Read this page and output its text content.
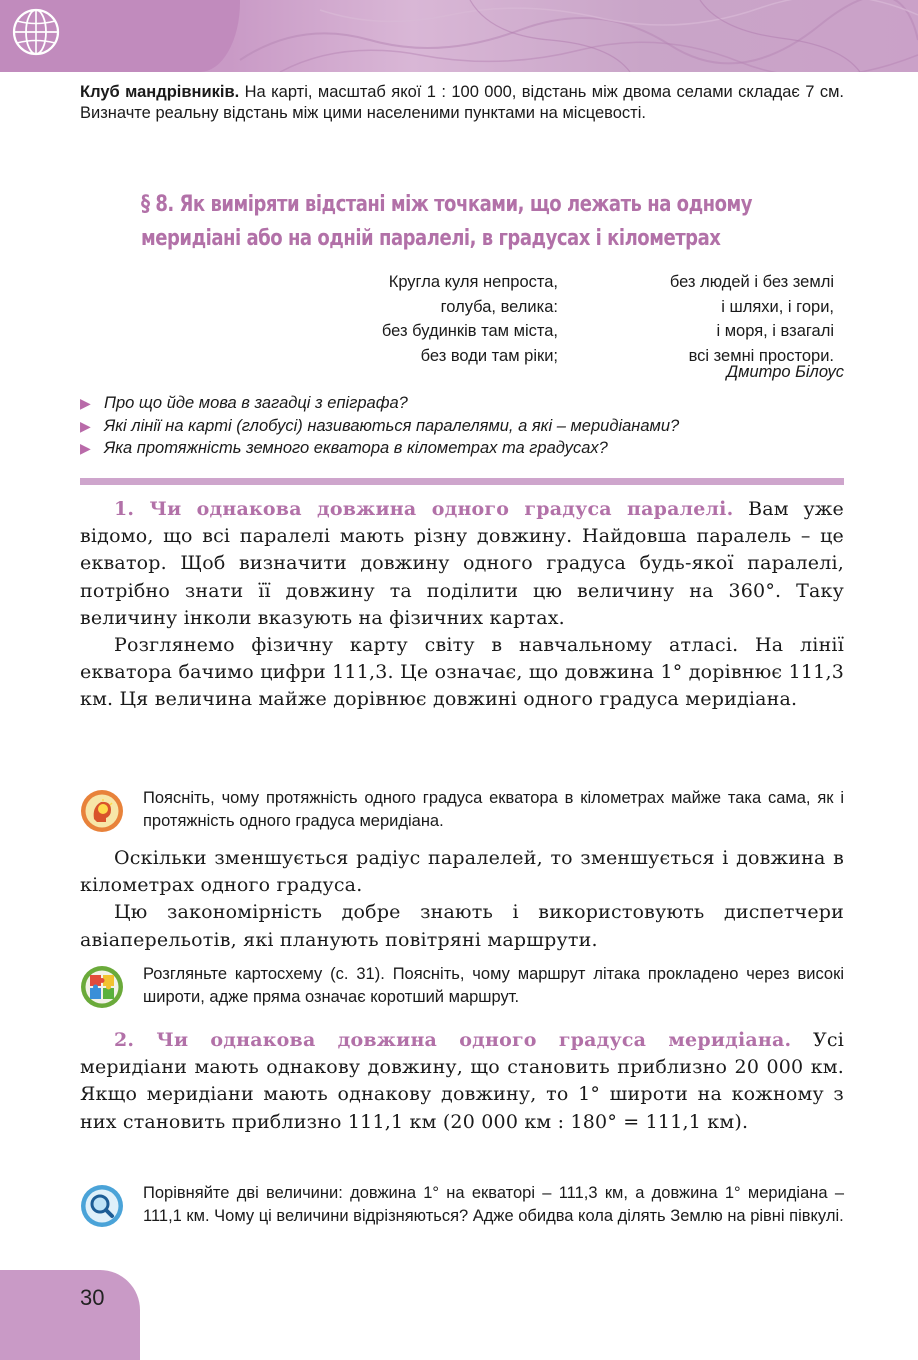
Клуб мандрівників. На карті, масштаб якої 1 : 100 000, відстань між двома селами складає 7 см. Визначте реальну відстань між цими населеними пунктами на місцевості.
§ 8. Як виміряти відстані між точками, що лежать на одному
меридіані або на одній паралелі, в градусах і кілометрах
Кругла куля непроста,
голуба, велика:
без будинків там міста,
без води там ріки;
без людей і без землі
і шляхи, і гори,
і моря, і взагалі
всі земні простори.
Дмитро Білоус
▶ Про що йде мова в загадці з епіграфа?
▶ Які лінії на карті (глобусі) називаються паралелями, а які – меридіанами?
▶ Яка протяжність земного екватора в кілометрах та градусах?

1. Чи однакова довжина одного градуса паралелі. Вам уже відомо, що всі паралелі мають різну довжину. Найдовша паралель – це екватор. Щоб визначити довжину одного градуса будь-якої паралелі, потрібно знати її довжину та поділити цю величину на 360°. Таку величину інколи вказують на фізичних картах.

Розглянемо фізичну карту світу в навчальному атласі. На лінії екватора бачимо цифри 111,3. Це означає, що довжина 1° дорівнює 111,3 км. Ця величина майже дорівнює довжині одного градуса меридіана.

Поясніть, чому протяжність одного градуса екватора в кілометрах майже така сама, як і протяжність одного градуса меридіана.

Оскільки зменшується радіус паралелей, то зменшується і довжина в кілометрах одного градуса.

Цю закономірність добре знають і використовують диспетчери авіаперельотів, які планують повітряні маршрути.

Розгляньте картосхему (с. 31). Поясніть, чому маршрут літака прокладено через високі широти, адже пряма означає коротший маршрут.

2. Чи однакова довжина одного градуса меридіана. Усі меридіани мають однакову довжину, що становить приблизно 20 000 км. Якщо меридіани мають однакову довжину, то 1° широти на кожному з них становить приблизно 111,1 км (20 000 км : 180° = 111,1 км).

Порівняйте дві величини: довжина 1° на екваторі – 111,3 км, а довжина 1° меридіана – 111,1 км. Чому ці величини відрізняються? Адже обидва кола ділять Землю на рівні півкулі.
30
